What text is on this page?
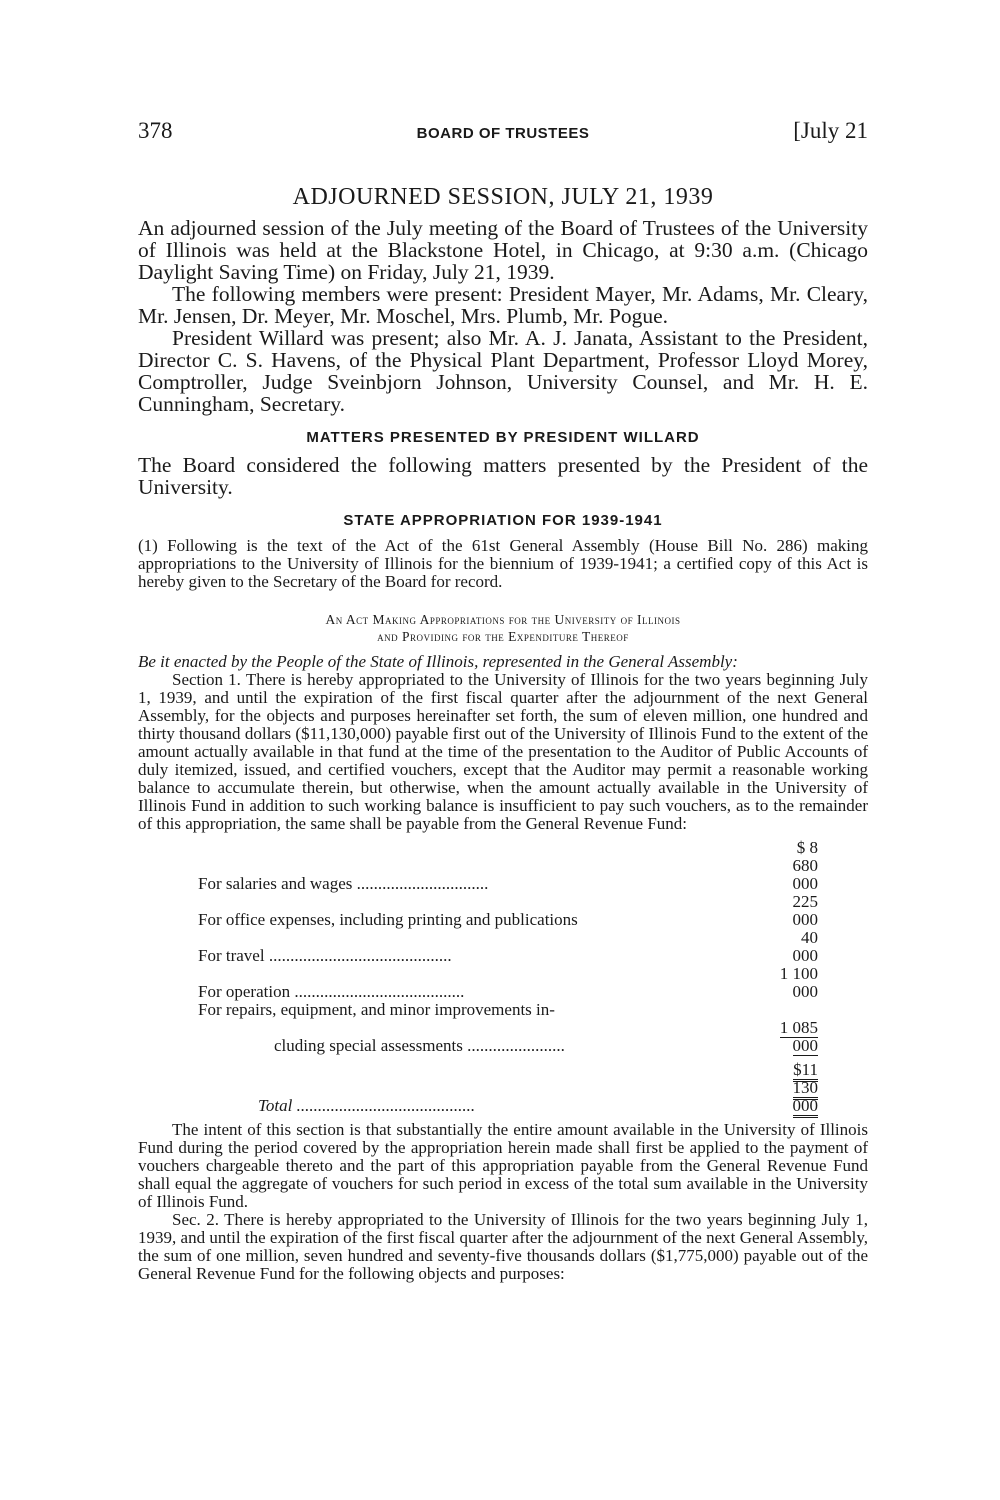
378	BOARD OF TRUSTEES	[July 21
ADJOURNED SESSION, JULY 21, 1939

An adjourned session of the July meeting of the Board of Trustees of the University of Illinois was held at the Blackstone Hotel, in Chicago, at 9:30 a.m. (Chicago Daylight Saving Time) on Friday, July 21, 1939.

The following members were present: President Mayer, Mr. Adams, Mr. Cleary, Mr. Jensen, Dr. Meyer, Mr. Moschel, Mrs. Plumb, Mr. Pogue.

President Willard was present; also Mr. A. J. Janata, Assistant to the President, Director C. S. Havens, of the Physical Plant Department, Professor Lloyd Morey, Comptroller, Judge Sveinbjorn Johnson, University Counsel, and Mr. H. E. Cunningham, Secretary.

MATTERS PRESENTED BY PRESIDENT WILLARD

The Board considered the following matters presented by the President of the University.

STATE APPROPRIATION FOR 1939-1941

(1) Following is the text of the Act of the 61st General Assembly (House Bill No. 286) making appropriations to the University of Illinois for the biennium of 1939-1941; a certified copy of this Act is hereby given to the Secretary of the Board for record.

An Act Making Appropriations for the University of Illinois
and Providing for the Expenditure Thereof
Be it enacted by the People of the State of Illinois, represented in the General Assembly:

Section 1. There is hereby appropriated to the University of Illinois for the two years beginning July 1, 1939, and until the expiration of the first fiscal quarter after the adjournment of the next General Assembly, for the objects and purposes hereinafter set forth, the sum of eleven million, one hundred and thirty thousand dollars ($11,130,000) payable first out of the University of Illinois Fund to the extent of the amount actually available in that fund at the time of the presentation to the Auditor of Public Accounts of duly itemized, issued, and certified vouchers, except that the Auditor may permit a reasonable working balance to accumulate therein, but otherwise, when the amount actually available in the University of Illinois Fund in addition to such working balance is insufficient to pay such vouchers, as to the remainder of this appropriation, the same shall be payable from the General Revenue Fund:

For salaries and wages ...............................	$ 8 680 000
For office expenses, including printing and publications	225 000
For travel ...........................................	40 000
For operation ........................................	1 100 000
For repairs, equipment, and minor improvements in-	
cluding special assessments .......................	1 085 000
Total ..........................................	$11 130 000

The intent of this section is that substantially the entire amount available in the University of Illinois Fund during the period covered by the appropriation herein made shall first be applied to the payment of vouchers chargeable thereto and the part of this appropriation payable from the General Revenue Fund shall equal the aggregate of vouchers for such period in excess of the total sum available in the University of Illinois Fund.

Sec. 2. There is hereby appropriated to the University of Illinois for the two years beginning July 1, 1939, and until the expiration of the first fiscal quarter after the adjournment of the next General Assembly, the sum of one million, seven hundred and seventy-five thousands dollars ($1,775,000) payable out of the General Revenue Fund for the following objects and purposes:
